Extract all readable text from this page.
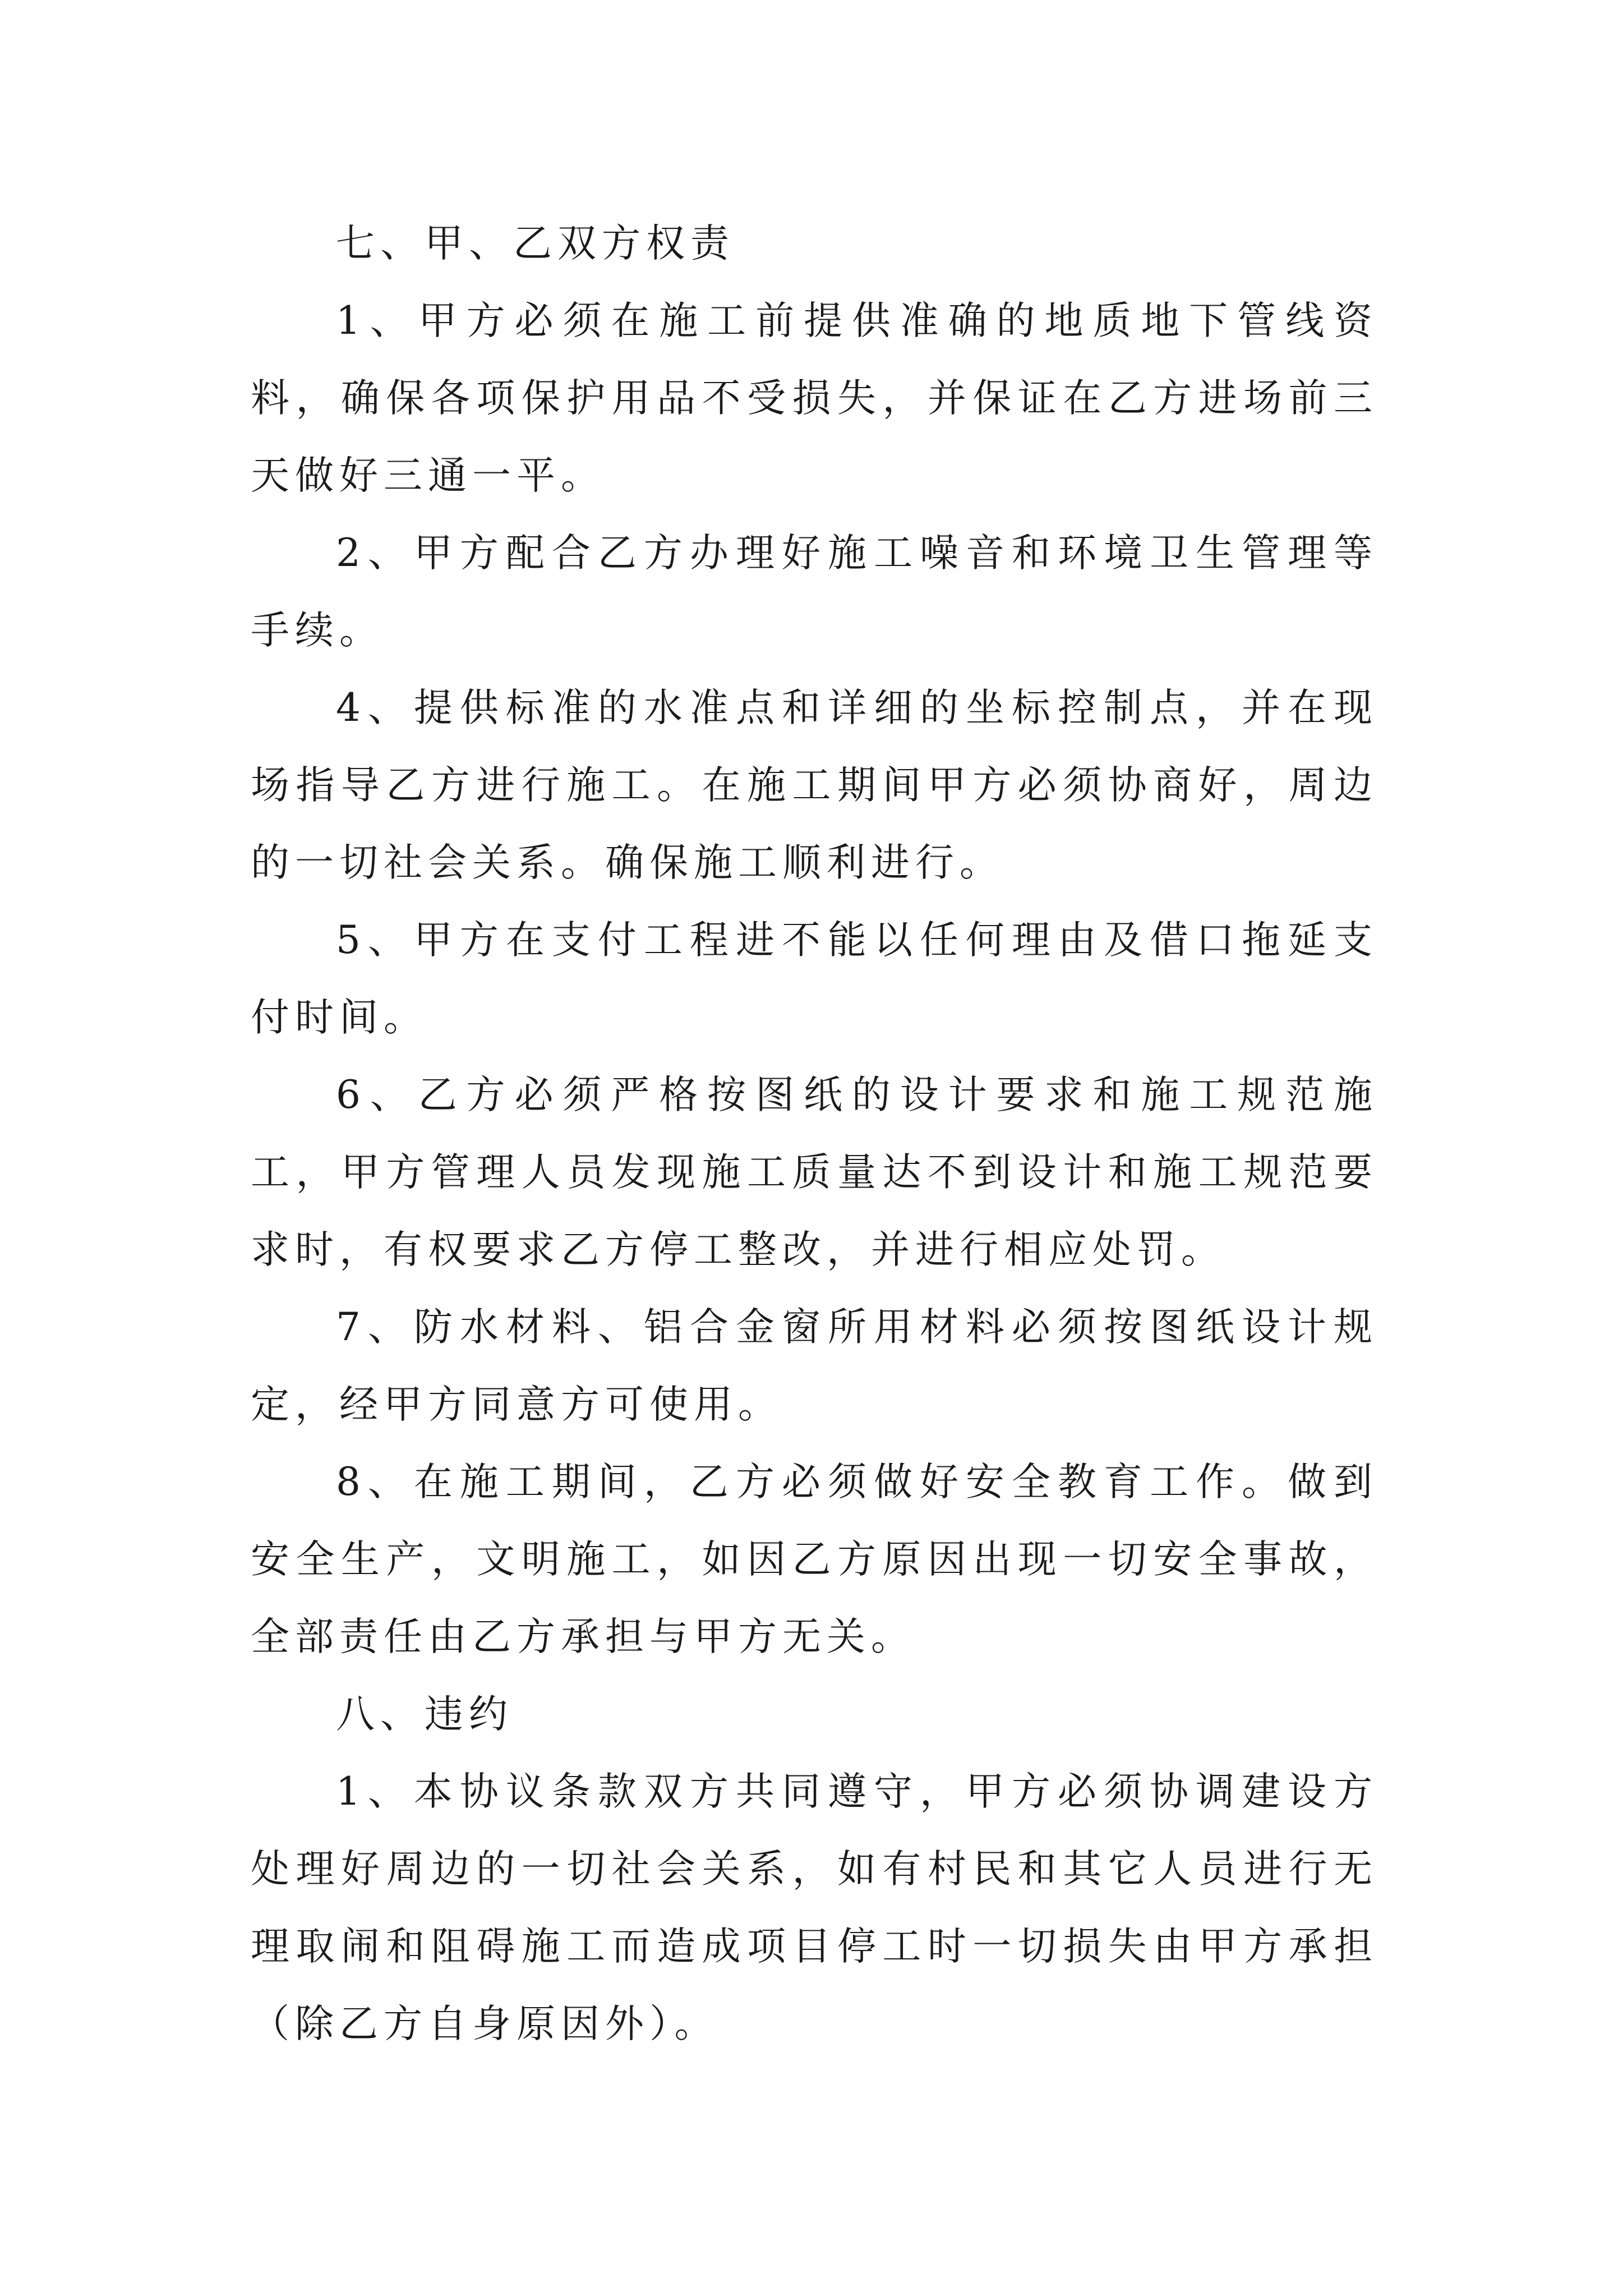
七、甲、乙双方权责

1、甲方必须在施工前提供准确的地质地下管线资料，确保各项保护用品不受损失，并保证在乙方进场前三天做好三通一平。

2、甲方配合乙方办理好施工噪音和环境卫生管理等手续。

4、提供标准的水准点和详细的坐标控制点，并在现场指导乙方进行施工。在施工期间甲方必须协商好，周边的一切社会关系。确保施工顺利进行。

5、甲方在支付工程进不能以任何理由及借口拖延支付时间。

6、乙方必须严格按图纸的设计要求和施工规范施工，甲方管理人员发现施工质量达不到设计和施工规范要求时，有权要求乙方停工整改，并进行相应处罚。

7、防水材料、铝合金窗所用材料必须按图纸设计规定，经甲方同意方可使用。

8、在施工期间，乙方必须做好安全教育工作。做到安全生产，文明施工，如因乙方原因出现一切安全事故，全部责任由乙方承担与甲方无关。

八、违约

1、本协议条款双方共同遵守，甲方必须协调建设方处理好周边的一切社会关系，如有村民和其它人员进行无理取闹和阻碍施工而造成项目停工时一切损失由甲方承担（除乙方自身原因外）。
